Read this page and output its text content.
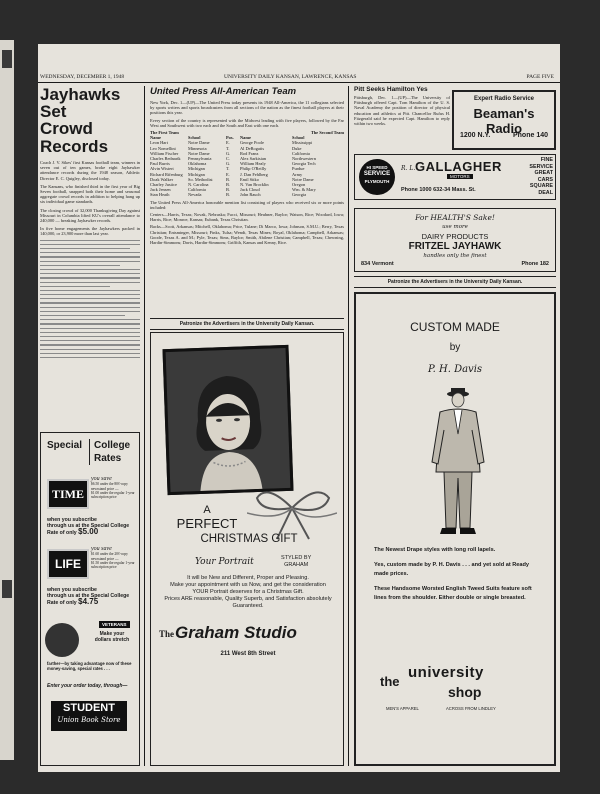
WEDNESDAY, DECEMBER 1, 1948	UNIVERSITY DAILY KANSAN, LAWRENCE, KANSAS	PAGE FIVE
Jayhawks Set
Crowd Records
Coach J. V. Sikes' first Kansas football team, winners in seven out of ten games, broke eight Jayhawker attendance records during the 1948 season, Athletic Director E. C. Quigley, disclosed today.
The Kansans, who finished third in the first year of Big Seven football, snapped both their home and seasonal aggregate crowd records in addition to helping hang up six individual game standards.
The closing crowd of 32,000 Thanksgiving Day against Missouri in Columbia lifted KU's overall attendance to 240,000 — breaking Jayhawker records.
In five home engagements the Jayhawkers packed in 140,000, or 23,900 more than last year.
Special College
Rates
TIME
you save
$6.50 under the 80¢-copy newsstand price —
$1.00 under the regular 1-year subscription price
when you subscribe
through us at the Special College Rate of only $5.00
LIFE
you save
$1.60 under the 20¢-copy newsstand price —
$1.50 under the regular 1-year subscription price
when you subscribe
through us at the Special College Rate of only $4.75
VETERANS
Make your
dollars stretch
farther—by taking advantage now of these money-saving, special rates . . .
Enter your order today, through—
STUDENT
Union Book Store
United Press All-American Team
New York, Dec. 1—(UP)—The United Press today presents its 1948 All-America, the 11 collegians selected by sports writers and sports broadcasters from all sections of the nation as the finest football players at their positions this year.
Every section of the country is represented with the Midwest leading with five players, followed by the Far West and Southwest with two each and the South and East with one each.
The First Team	The Second Team
Name	School	Pos.	Name	School
Leon Hart	Notre Dame	E.	George Poole	Mississippi
Leo Nomellini	Minnesota	T.	Al DeRogatis	Duke
William Fischer	Notre Dame	G.	Rod Franz	California
Charles Bednarik	Pennsylvania	C.	Alex Sarkisian	Northwestern
Paul Burris	Oklahoma	G.	William Healy	Georgia Tech
Alvin Wistert	Michigan	T.	Philip O'Reilly	Purdue
Richard Rifenburg	Michigan	E.	J. Dan Fehlberg	Army
Doak Walker	So. Methodist	B.	Emil Sitko	Notre Dame
Charley Justice	N. Carolina	B.	N. Van Brocklin	Oregon
Jack Jensen	California	B.	Jack Cloud	Wm. & Mary
Stan Heath	Nevada	B.	John Rauch	Georgia
The United Press All-America honorable mention list consisting of players who received six or more points included:
Centers—Harris, Texas; Novak, Nebraska; Fucci, Missouri; Heubner, Baylor; Watson, Rice; Woodard, Iowa; Harris, Rice; Monroe, Kansas; Eubank, Texas Christian.
Backs—Scott, Arkansas; Mitchell, Oklahoma; Price, Tulane; Di Marco, Iowa; Johnson, S.M.U.; Berry, Texas Christian; Entsminger, Missouri; Finks, Tulsa; Wendt, Texas Mines; Royal, Oklahoma; Campbell, Arkansas; Goode, Texas A. and M.; Pyle, Texas; Sims, Baylor; Smith, Abilene Christian; Campbell, Texas; Chewning, Hardin-Simmons; Davis, Hardin-Simmons; Griffith, Kansas and Kenny, Rice.
Patronize the Advertisers in the University Daily Kansan.
A
PERFECT
CHRISTMAS GIFT
Your Portrait	STYLED BY
GRAHAM
It will be New and Different, Proper and Pleasing.
Make your appointment with us Now, and get the consideration YOUR Portrait deserves for a Christmas Gift.
Prices ARE reasonable, Quality Superb, and Satisfaction absolutely Guaranteed.
The Graham Studio
211 West 8th Street
Pitt Seeks Hamilton Yes
Pittsburgh, Dec. 1—(UP)—The University of Pittsburgh offered Capt. Tom Hamilton of the U. S. Naval Academy the position of director of physical education and athletics at Pitt. Chancellor Rufus H. Fitzgerald said he expected Capt. Hamilton to reply within two weeks.
Expert Radio Service
Beaman's Radio
1200 N.Y.	Phone 140
HI SPEED
SERVICE
PLYMOUTH
R. L. GALLAGHER
MOTORS
Phone 1000 632-34 Mass. St.
FINE
SERVICE
GREAT
CARS
SQUARE
DEAL
For HEALTH'S Sake!
use more
DAIRY PRODUCTS
FRITZEL JAYHAWK
handles only the finest
834 Vermont	Phone 182
Patronize the Advertisers in the University Daily Kansan.
CUSTOM MADE
by
P. H. Davis
The Newest Drape styles with long roll lapels.
Yes, custom made by P. H. Davis . . . and yet sold at Ready made prices.
These Handsome Worsted English Tweed Suits feature soft lines from the shoulder. Either double or single breasted.
the
university
shop
MEN'S APPAREL	ACROSS FROM LINDLEY
